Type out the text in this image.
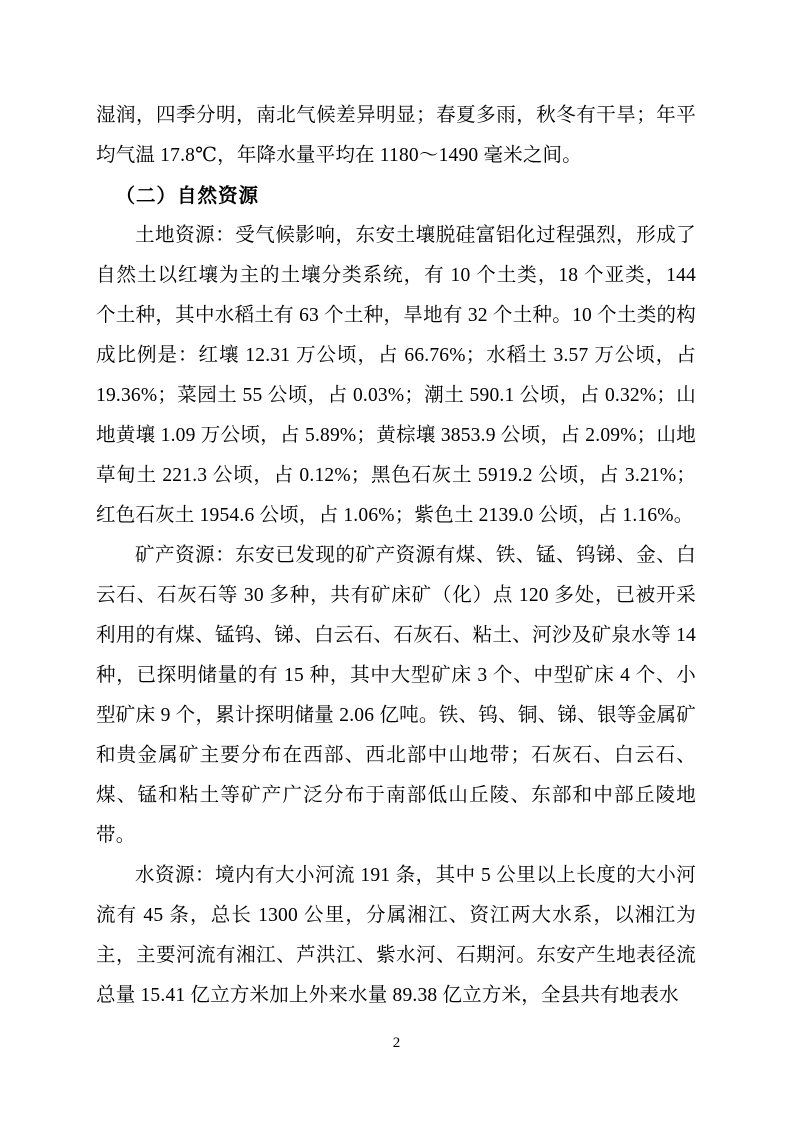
湿润，四季分明，南北气候差异明显；春夏多雨，秋冬有干旱；年平均气温 17.8℃，年降水量平均在 1180～1490 毫米之间。

（二）自然资源

土地资源：受气候影响，东安土壤脱硅富铝化过程强烈，形成了自然土以红壤为主的土壤分类系统，有 10 个土类，18 个亚类，144 个土种，其中水稻土有 63 个土种，旱地有 32 个土种。10 个土类的构成比例是：红壤 12.31 万公顷，占 66.76%；水稻土 3.57 万公顷，占 19.36%；菜园土 55 公顷，占 0.03%；潮土 590.1 公顷，占 0.32%；山地黄壤 1.09 万公顷，占 5.89%；黄棕壤 3853.9 公顷，占 2.09%；山地草甸土 221.3 公顷，占 0.12%；黑色石灰土 5919.2 公顷，占 3.21%；红色石灰土 1954.6 公顷，占 1.06%；紫色土 2139.0 公顷，占 1.16%。

矿产资源：东安已发现的矿产资源有煤、铁、锰、钨锑、金、白云石、石灰石等 30 多种，共有矿床矿（化）点 120 多处，已被开采利用的有煤、锰钨、锑、白云石、石灰石、粘土、河沙及矿泉水等 14 种，已探明储量的有 15 种，其中大型矿床 3 个、中型矿床 4 个、小型矿床 9 个，累计探明储量 2.06 亿吨。铁、钨、铜、锑、银等金属矿和贵金属矿主要分布在西部、西北部中山地带；石灰石、白云石、煤、锰和粘土等矿产广泛分布于南部低山丘陵、东部和中部丘陵地带。

水资源：境内有大小河流 191 条，其中 5 公里以上长度的大小河流有 45 条，总长 1300 公里，分属湘江、资江两大水系，以湘江为主，主要河流有湘江、芦洪江、紫水河、石期河。东安产生地表径流总量 15.41 亿立方米加上外来水量 89.38 亿立方米，全县共有地表水

2
